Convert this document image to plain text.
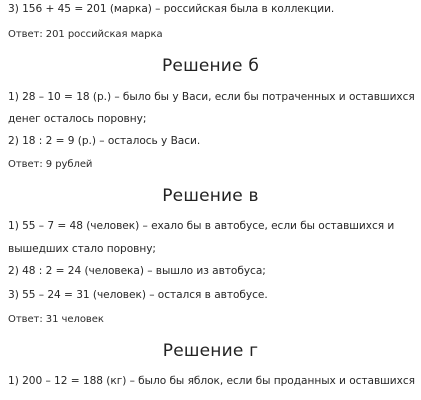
3) 156 + 45 = 201 (марка) – российская была в коллекции.
Ответ: 201 российская марка
Решение б
1) 28 – 10 = 18 (р.) – было бы у Васи, если бы потраченных и оставшихся
денег осталось поровну;
2) 18 : 2 = 9 (р.) – осталось у Васи.
Ответ: 9 рублей
Решение в
1) 55 – 7 = 48 (человек) – ехало бы в автобусе, если бы оставшихся и
вышедших стало поровну;
2) 48 : 2 = 24 (человека) – вышло из автобуса;
3) 55 – 24 = 31 (человек) – остался в автобусе.
Ответ: 31 человек
Решение г
1) 200 – 12 = 188 (кг) – было бы яблок, если бы проданных и оставшихся
